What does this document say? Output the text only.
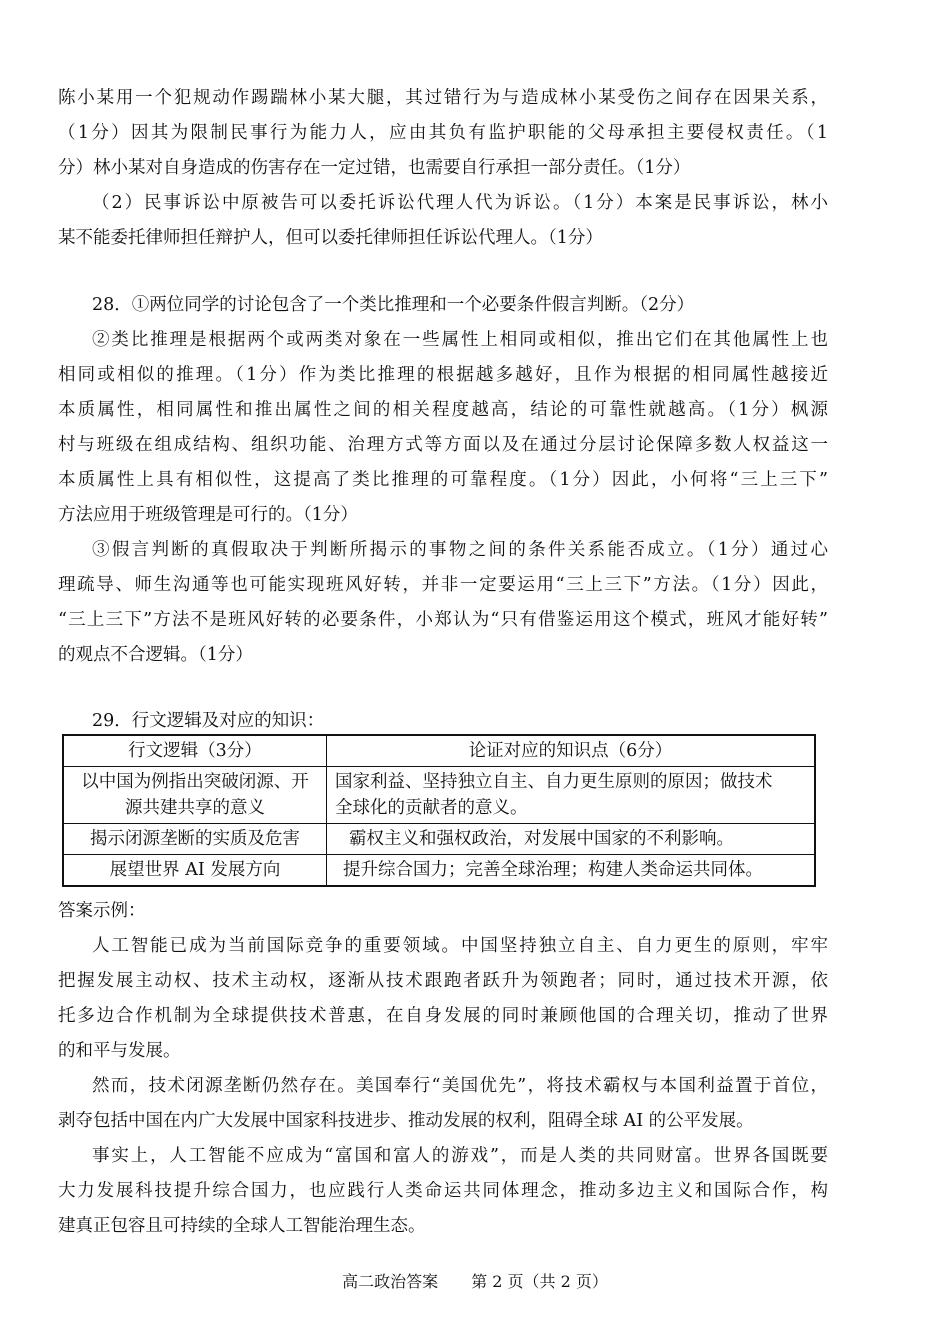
陈小某用一个犯规动作踢踹林小某大腿，其过错行为与造成林小某受伤之间存在因果关系，
（1分）因其为限制民事行为能力人，应由其负有监护职能的父母承担主要侵权责任。（1
分）林小某对自身造成的伤害存在一定过错，也需要自行承担一部分责任。（1分）
（2）民事诉讼中原被告可以委托诉讼代理人代为诉讼。（1分）本案是民事诉讼，林小
某不能委托律师担任辩护人，但可以委托律师担任诉讼代理人。（1分）
28．①两位同学的讨论包含了一个类比推理和一个必要条件假言判断。（2分）
②类比推理是根据两个或两类对象在一些属性上相同或相似，推出它们在其他属性上也
相同或相似的推理。（1分）作为类比推理的根据越多越好，且作为根据的相同属性越接近
本质属性，相同属性和推出属性之间的相关程度越高，结论的可靠性就越高。（1分）枫源
村与班级在组成结构、组织功能、治理方式等方面以及在通过分层讨论保障多数人权益这一
本质属性上具有相似性，这提高了类比推理的可靠程度。（1分）因此，小何将“三上三下”
方法应用于班级管理是可行的。（1分）
③假言判断的真假取决于判断所揭示的事物之间的条件关系能否成立。（1分）通过心
理疏导、师生沟通等也可能实现班风好转，并非一定要运用“三上三下”方法。（1分）因此，
“三上三下”方法不是班风好转的必要条件，小郑认为“只有借鉴运用这个模式，班风才能好转”
的观点不合逻辑。（1分）
29．行文逻辑及对应的知识：
行文逻辑（3分）	论证对应的知识点（6分）
以中国为例指出突破闭源、开
源共建共享的意义	国家利益、坚持独立自主、自力更生原则的原因；做技术
全球化的贡献者的意义。
揭示闭源垄断的实质及危害	霸权主义和强权政治，对发展中国家的不利影响。
展望世界 AI 发展方向	提升综合国力；完善全球治理；构建人类命运共同体。
答案示例：
人工智能已成为当前国际竞争的重要领域。中国坚持独立自主、自力更生的原则，牢牢
把握发展主动权、技术主动权，逐渐从技术跟跑者跃升为领跑者；同时，通过技术开源，依
托多边合作机制为全球提供技术普惠，在自身发展的同时兼顾他国的合理关切，推动了世界
的和平与发展。
然而，技术闭源垄断仍然存在。美国奉行“美国优先”，将技术霸权与本国利益置于首位，
剥夺包括中国在内广大发展中国家科技进步、推动发展的权利，阻碍全球 AI 的公平发展。
事实上，人工智能不应成为“富国和富人的游戏”，而是人类的共同财富。世界各国既要
大力发展科技提升综合国力，也应践行人类命运共同体理念，推动多边主义和国际合作，构
建真正包容且可持续的全球人工智能治理生态。
高二政治答案 第 2 页（共 2 页）
